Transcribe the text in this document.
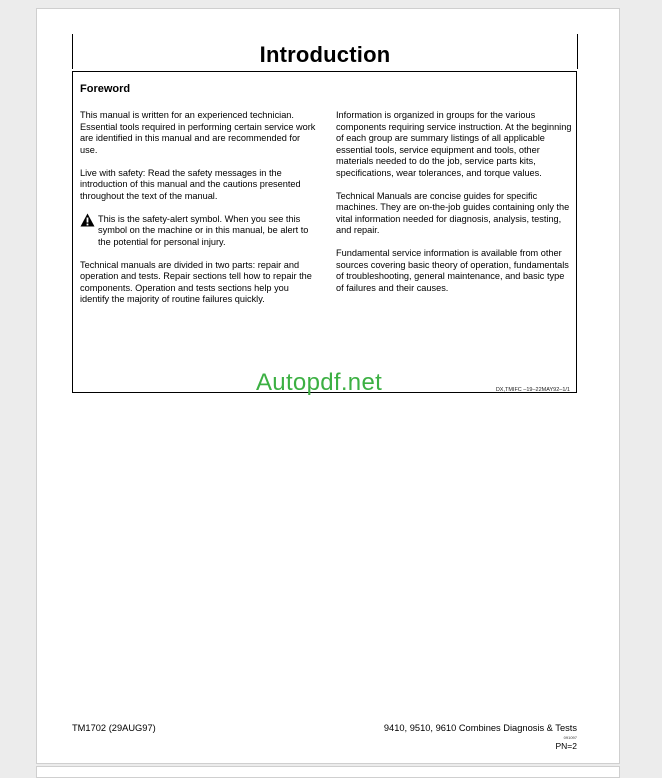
Introduction
Foreword

This manual is written for an experienced technician. Essential tools required in performing certain service work are identified in this manual and are recommended for use.

Live with safety: Read the safety messages in the introduction of this manual and the cautions presented throughout the text of the manual.

This is the safety-alert symbol. When you see this symbol on the machine or in this manual, be alert to the potential for personal injury.

Technical manuals are divided in two parts: repair and operation and tests. Repair sections tell how to repair the components. Operation and tests sections help you identify the majority of routine failures quickly.

Information is organized in groups for the various components requiring service instruction. At the beginning of each group are summary listings of all applicable essential tools, service equipment and tools, other materials needed to do the job, service parts kits, specifications, wear tolerances, and torque values.

Technical Manuals are concise guides for specific machines. They are on-the-job guides containing only the vital information needed for diagnosis, analysis, testing, and repair.

Fundamental service information is available from other sources covering basic theory of operation, fundamentals of troubleshooting, general maintenance, and basic type of failures and their causes.

DX,TMIFC –19–22MAY92–1/1
Autopdf.net
TM1702 (29AUG97)	9410, 9510, 9610 Combines Diagnosis & Tests
091097
PN=2
